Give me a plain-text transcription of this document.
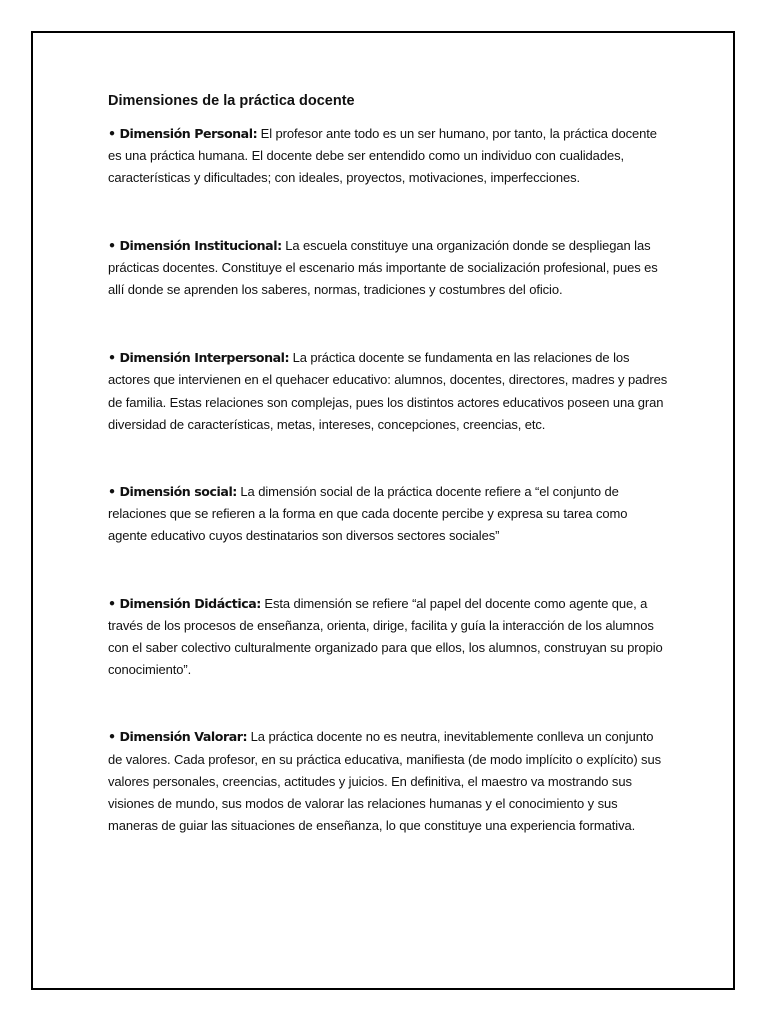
Dimensiones de la práctica docente

• Dimensión Personal: El profesor ante todo es un ser humano, por tanto, la práctica docente es una práctica humana. El docente debe ser entendido como un individuo con cualidades, características y dificultades; con ideales, proyectos, motivaciones, imperfecciones.

• Dimensión Institucional: La escuela constituye una organización donde se despliegan las prácticas docentes. Constituye el escenario más importante de socialización profesional, pues es allí donde se aprenden los saberes, normas, tradiciones y costumbres del oficio.

• Dimensión Interpersonal: La práctica docente se fundamenta en las relaciones de los actores que intervienen en el quehacer educativo: alumnos, docentes, directores, madres y padres de familia. Estas relaciones son complejas, pues los distintos actores educativos poseen una gran diversidad de características, metas, intereses, concepciones, creencias, etc.

• Dimensión social: La dimensión social de la práctica docente refiere a “el conjunto de relaciones que se refieren a la forma en que cada docente percibe y expresa su tarea como agente educativo cuyos destinatarios son diversos sectores sociales”

• Dimensión Didáctica: Esta dimensión se refiere “al papel del docente como agente que, a través de los procesos de enseñanza, orienta, dirige, facilita y guía la interacción de los alumnos con el saber colectivo culturalmente organizado para que ellos, los alumnos, construyan su propio conocimiento”.

• Dimensión Valorar: La práctica docente no es neutra, inevitablemente conlleva un conjunto de valores. Cada profesor, en su práctica educativa, manifiesta (de modo implícito o explícito) sus valores personales, creencias, actitudes y juicios. En definitiva, el maestro va mostrando sus visiones de mundo, sus modos de valorar las relaciones humanas y el conocimiento y sus maneras de guiar las situaciones de enseñanza, lo que constituye una experiencia formativa.
